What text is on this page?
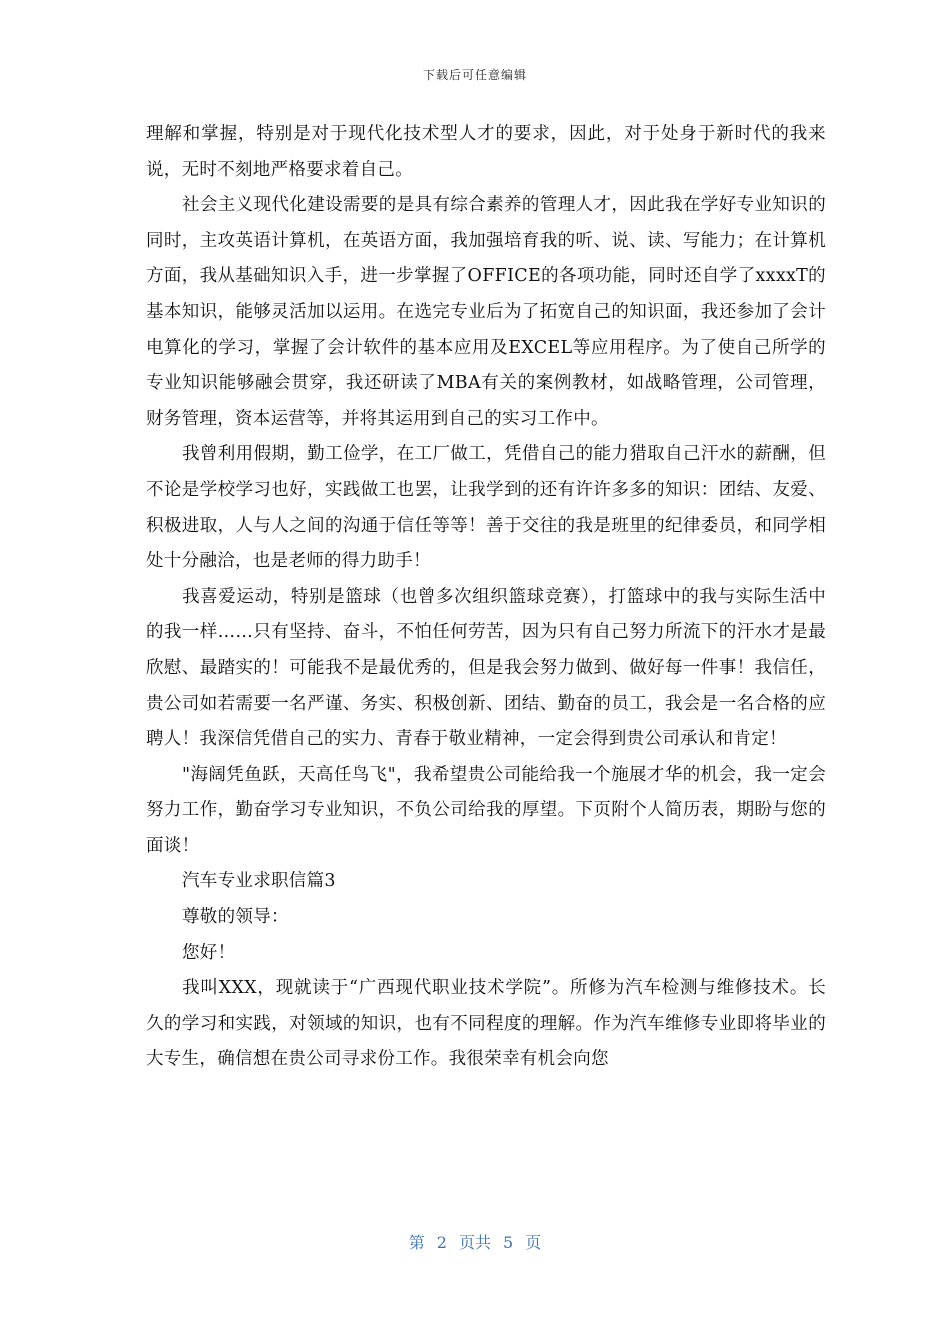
下载后可任意编辑

理解和掌握，特别是对于现代化技术型人才的要求，因此，对于处身于新时代的我来说，无时不刻地严格要求着自己。

社会主义现代化建设需要的是具有综合素养的管理人才，因此我在学好专业知识的同时，主攻英语计算机，在英语方面，我加强培育我的听、说、读、写能力；在计算机方面，我从基础知识入手，进一步掌握了OFFICE的各项功能，同时还自学了xxxxT的基本知识，能够灵活加以运用。在选完专业后为了拓宽自己的知识面，我还参加了会计电算化的学习，掌握了会计软件的基本应用及EXCEL等应用程序。为了使自己所学的专业知识能够融会贯穿，我还研读了MBA有关的案例教材，如战略管理，公司管理，财务管理，资本运营等，并将其运用到自己的实习工作中。

我曾利用假期，勤工俭学，在工厂做工，凭借自己的能力猎取自己汗水的薪酬，但不论是学校学习也好，实践做工也罢，让我学到的还有许许多多的知识：团结、友爱、积极进取，人与人之间的沟通于信任等等！善于交往的我是班里的纪律委员，和同学相处十分融洽，也是老师的得力助手！

我喜爱运动，特别是篮球（也曾多次组织篮球竞赛），打篮球中的我与实际生活中的我一样……只有坚持、奋斗，不怕任何劳苦，因为只有自己努力所流下的汗水才是最欣慰、最踏实的！可能我不是最优秀的，但是我会努力做到、做好每一件事！我信任，贵公司如若需要一名严谨、务实、积极创新、团结、勤奋的员工，我会是一名合格的应聘人！我深信凭借自己的实力、青春于敬业精神，一定会得到贵公司承认和肯定！

"海阔凭鱼跃，天高任鸟飞"，我希望贵公司能给我一个施展才华的机会，我一定会努力工作，勤奋学习专业知识，不负公司给我的厚望。下页附个人简历表，期盼与您的面谈！

汽车专业求职信篇3

尊敬的领导：

您好！

我叫XXX，现就读于“广西现代职业技术学院”。所修为汽车检测与维修技术。长久的学习和实践，对领域的知识，也有不同程度的理解。作为汽车维修专业即将毕业的大专生，确信想在贵公司寻求份工作。我很荣幸有机会向您

第 2 页共 5 页
